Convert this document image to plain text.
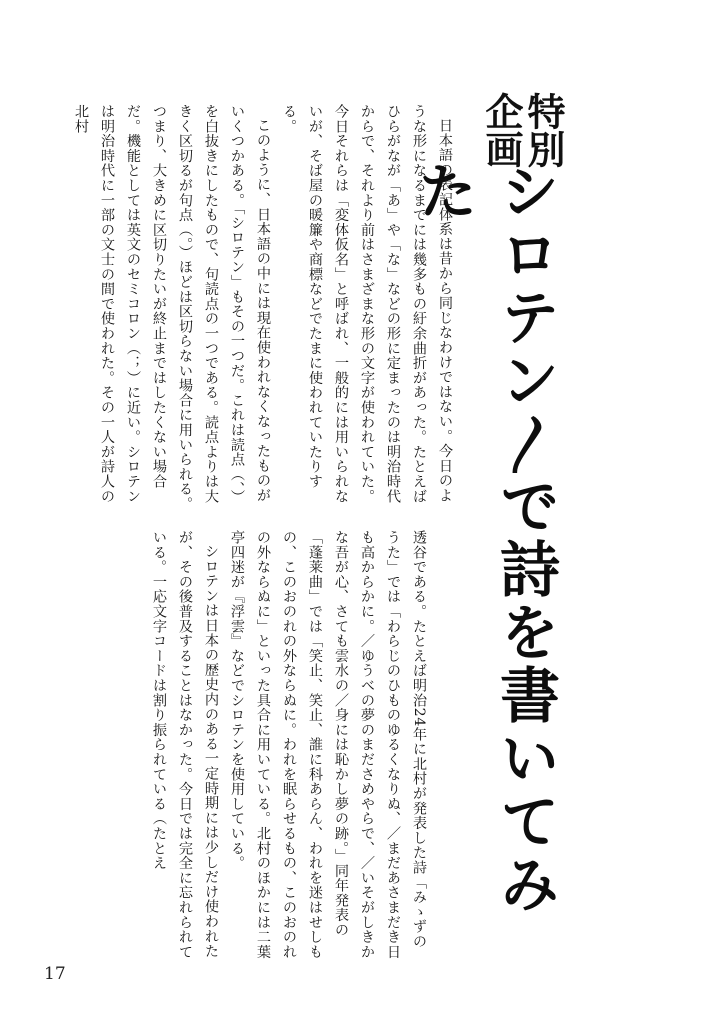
特別
企画
シロテン〳で詩を書いてみた

日本語の表記体系は昔から同じなわけではない。今日のような形になるまでには幾多もの紆余曲折があった。たとえばひらがなが「あ」や「な」などの形に定まったのは明治時代からで、それより前はさまざまな形の文字が使われていた。今日それらは「変体仮名」と呼ばれ、一般的には用いられないが、そば屋の暖簾や商標などでたまに使われていたりする。

このように、日本語の中には現在使われなくなったものがいくつかある。「シロテン」もその一つだ。これは読点（、）を白抜きにしたもので、句読点の一つである。読点よりは大きく区切るが句点（。）ほどは区切らない場合に用いられる。つまり、大きめに区切りたいが終止まではしたくない場合だ。機能としては英文のセミコロン（；）に近い。シロテンは明治時代に一部の文士の間で使われた。その一人が詩人の北村

透谷である。たとえば明治24年に北村が発表した詩「みゝずのうた」では「わらじのひものゆるくなりぬ、／まだあさまだき日も高からかに。／ゆうべの夢のまださめやらで、／いそがしきかな吾が心、さても雲水の／身には恥かし夢の跡。」同年発表の「蓬莱曲」では「笑止、笑止、誰に科あらん、われを迷はせしもの、このおのれの外ならぬに。われを眠らせるもの、このおのれの外ならぬに」といった具合に用いている。北村のほかには二葉亭四迷が『浮雲』などでシロテンを使用している。

シロテンは日本の歴史内のある一定時期には少しだけ使われたが、その後普及することはなかった。今日では完全に忘れられている。一応文字コードは割り振られている（たとえ

17
